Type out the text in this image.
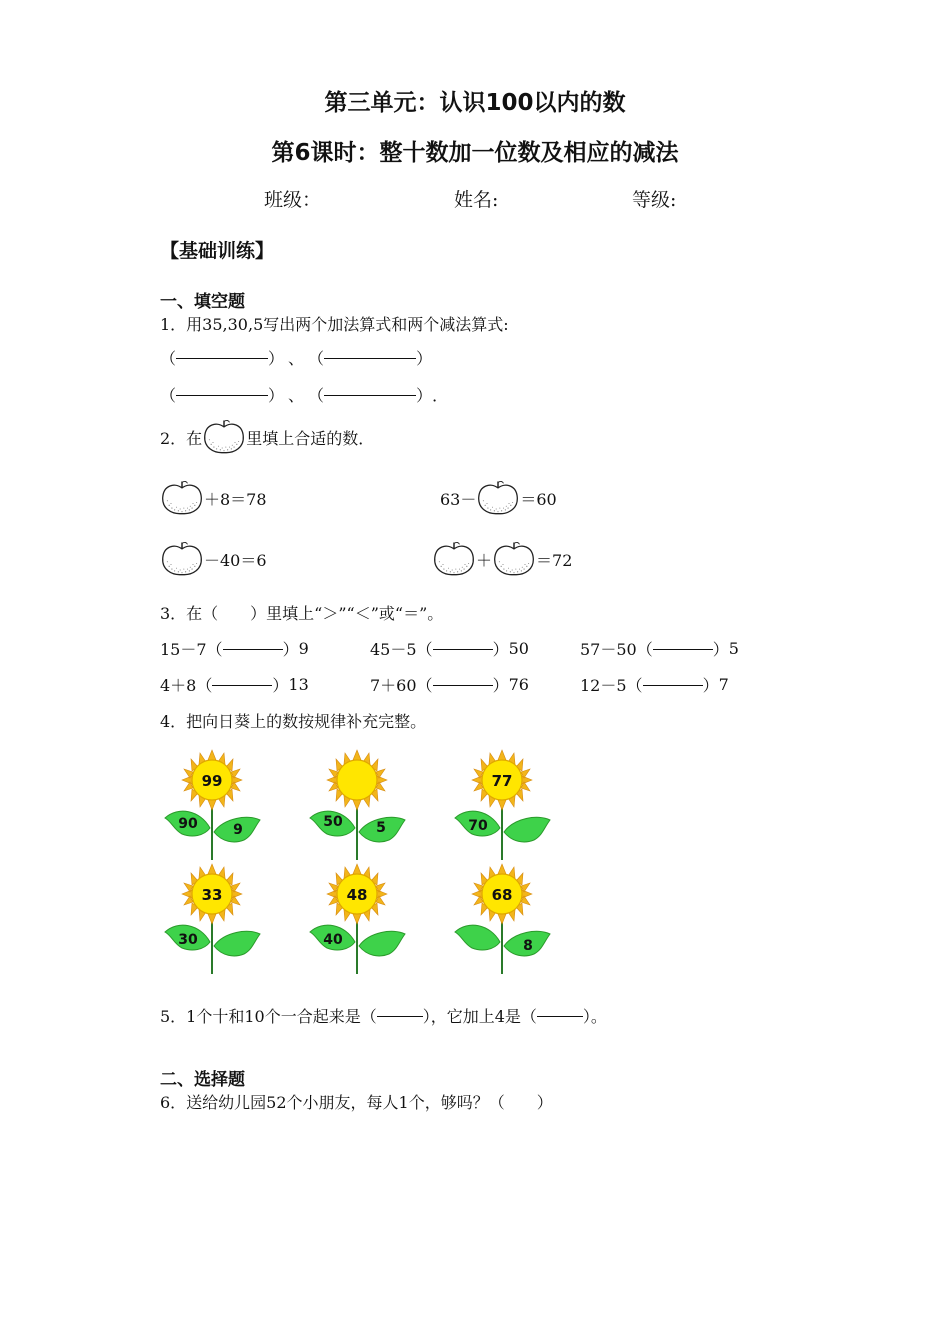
第三单元：认识100以内的数
第6课时：整十数加一位数及相应的减法
班级：	姓名:	等级:
【基础训练】
一、填空题
1．用35,30,5写出两个加法算式和两个减法算式:
（	） 、 （	）
（	） 、 （	） ．
2．在	里填上合适的数．
＋8＝78	63－	＝60
－40＝6	＋	＝72
3．在（　　）里填上“＞”“＜”或“＝”。
15－7 （	） 9	45－5 （	） 50	57－50 （	） 5
4＋8 （	） 13	7＋60 （	） 76	12－5 （	） 7
4．把向日葵上的数按规律补充完整。
99
90	9	50 5
77
70
33
30
48
40
68
8
5．1个十和10个一合起来是（	），它加上4是（	）。
二、选择题
6．送给幼儿园52个小朋友，每人1个，够吗？（　　）
